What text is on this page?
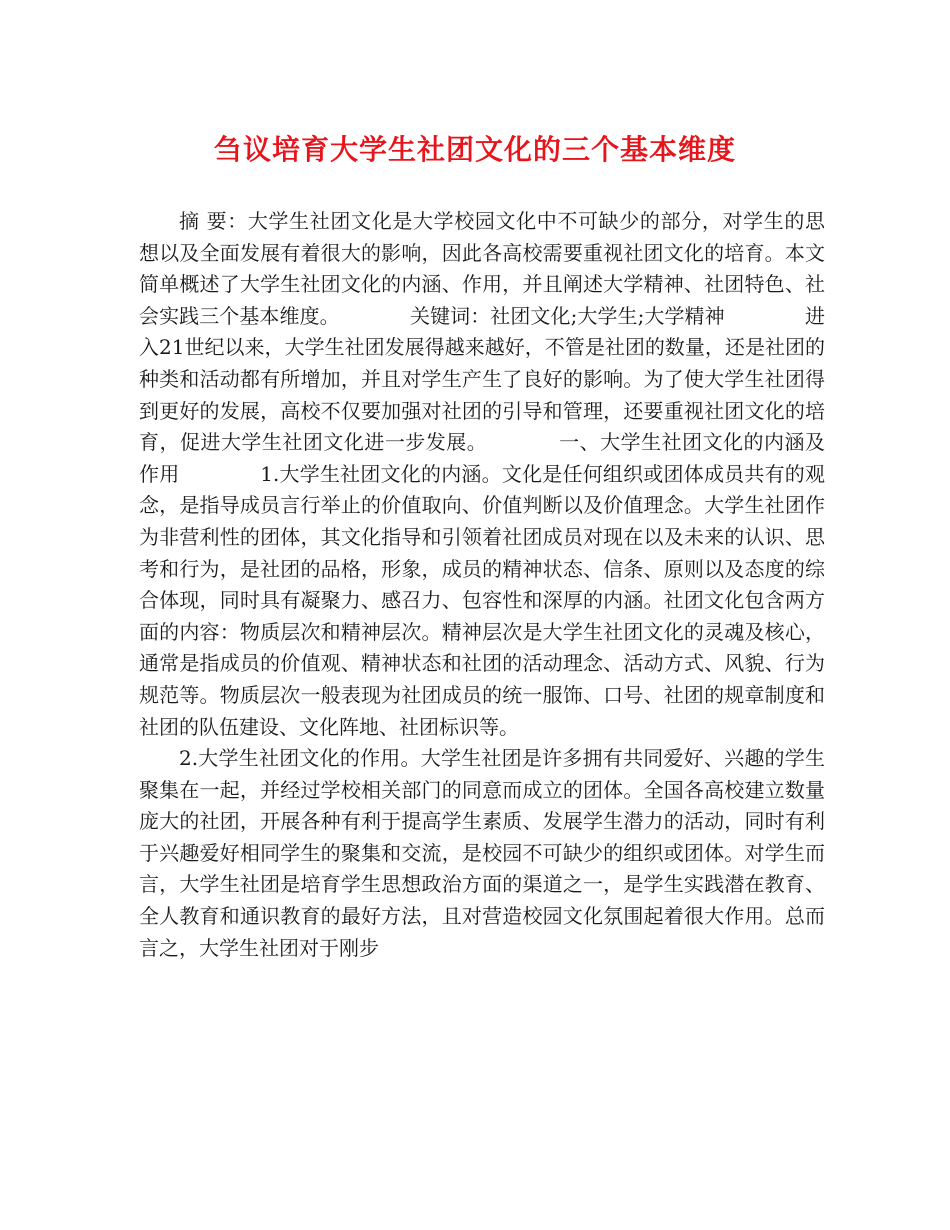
刍议培育大学生社团文化的三个基本维度

摘 要：大学生社团文化是大学校园文化中不可缺少的部分，对学生的思想以及全面发展有着很大的影响，因此各高校需要重视社团文化的培育。本文简单概述了大学生社团文化的内涵、作用，并且阐述大学精神、社团特色、社会实践三个基本维度。　　　　关键词：社团文化;大学生;大学精神　　　　进入21世纪以来，大学生社团发展得越来越好，不管是社团的数量，还是社团的种类和活动都有所增加，并且对学生产生了良好的影响。为了使大学生社团得到更好的发展，高校不仅要加强对社团的引导和管理，还要重视社团文化的培育，促进大学生社团文化进一步发展。　　　　一、大学生社团文化的内涵及作用　　　　1.大学生社团文化的内涵。文化是任何组织或团体成员共有的观念，是指导成员言行举止的价值取向、价值判断以及价值理念。大学生社团作为非营利性的团体，其文化指导和引领着社团成员对现在以及未来的认识、思考和行为，是社团的品格，形象，成员的精神状态、信条、原则以及态度的综合体现，同时具有凝聚力、感召力、包容性和深厚的内涵。社团文化包含两方面的内容：物质层次和精神层次。精神层次是大学生社团文化的灵魂及核心，通常是指成员的价值观、精神状态和社团的活动理念、活动方式、风貌、行为规范等。物质层次一般表现为社团成员的统一服饰、口号、社团的规章制度和社团的队伍建设、文化阵地、社团标识等。

2.大学生社团文化的作用。大学生社团是许多拥有共同爱好、兴趣的学生聚集在一起，并经过学校相关部门的同意而成立的团体。全国各高校建立数量庞大的社团，开展各种有利于提高学生素质、发展学生潜力的活动，同时有利于兴趣爱好相同学生的聚集和交流，是校园不可缺少的组织或团体。对学生而言，大学生社团是培育学生思想政治方面的渠道之一，是学生实践潜在教育、全人教育和通识教育的最好方法，且对营造校园文化氛围起着很大作用。总而言之，大学生社团对于刚步
